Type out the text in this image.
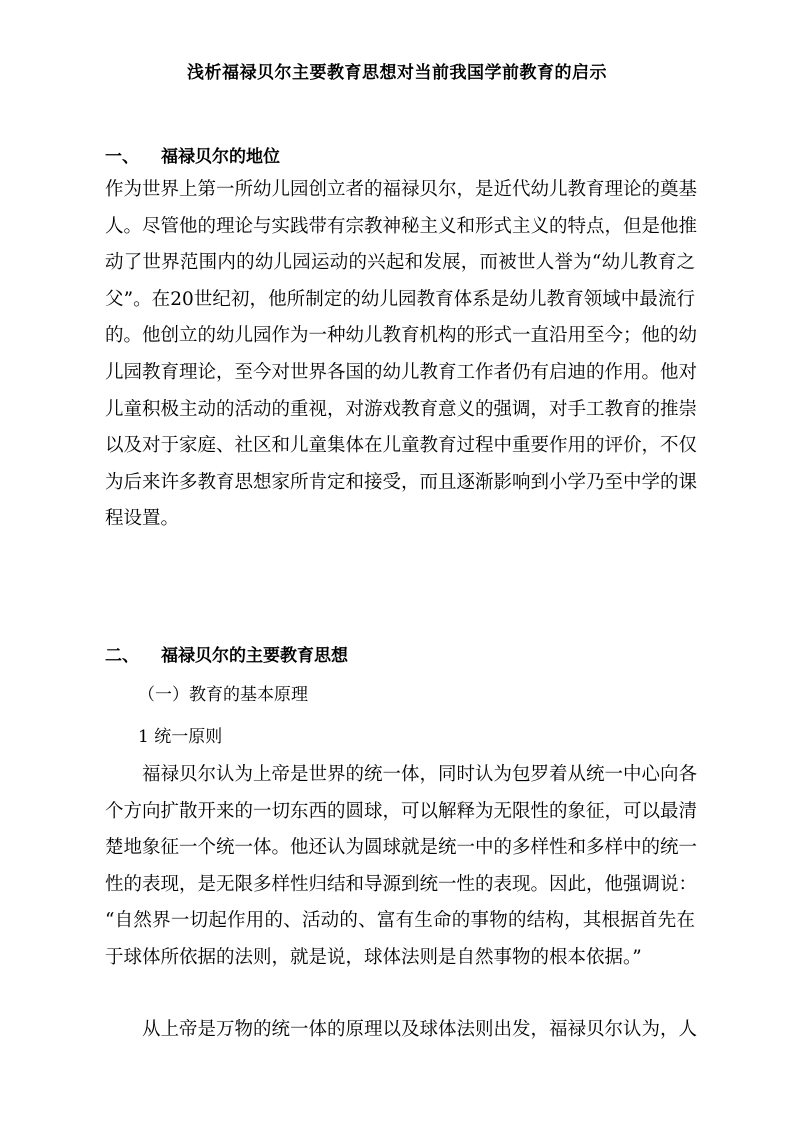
浅析福禄贝尔主要教育思想对当前我国学前教育的启示
一、 福禄贝尔的地位
作为世界上第一所幼儿园创立者的福禄贝尔，是近代幼儿教育理论的奠基
人。尽管他的理论与实践带有宗教神秘主义和形式主义的特点，但是他推
动了世界范围内的幼儿园运动的兴起和发展，而被世人誉为“幼儿教育之
父”。在20世纪初，他所制定的幼儿园教育体系是幼儿教育领域中最流行
的。他创立的幼儿园作为一种幼儿教育机构的形式一直沿用至今；他的幼
儿园教育理论，至今对世界各国的幼儿教育工作者仍有启迪的作用。他对
儿童积极主动的活动的重视，对游戏教育意义的强调，对手工教育的推崇
以及对于家庭、社区和儿童集体在儿童教育过程中重要作用的评价，不仅
为后来许多教育思想家所肯定和接受，而且逐渐影响到小学乃至中学的课
程设置。
二、 福禄贝尔的主要教育思想
（一）教育的基本原理
1 统一原则
　　福禄贝尔认为上帝是世界的统一体，同时认为包罗着从统一中心向各
个方向扩散开来的一切东西的圆球，可以解释为无限性的象征，可以最清
楚地象征一个统一体。他还认为圆球就是统一中的多样性和多样中的统一
性的表现，是无限多样性归结和导源到统一性的表现。因此，他强调说：
“自然界一切起作用的、活动的、富有生命的事物的结构，其根据首先在
于球体所依据的法则，就是说，球体法则是自然事物的根本依据。”
　　从上帝是万物的统一体的原理以及球体法则出发，福禄贝尔认为，人
